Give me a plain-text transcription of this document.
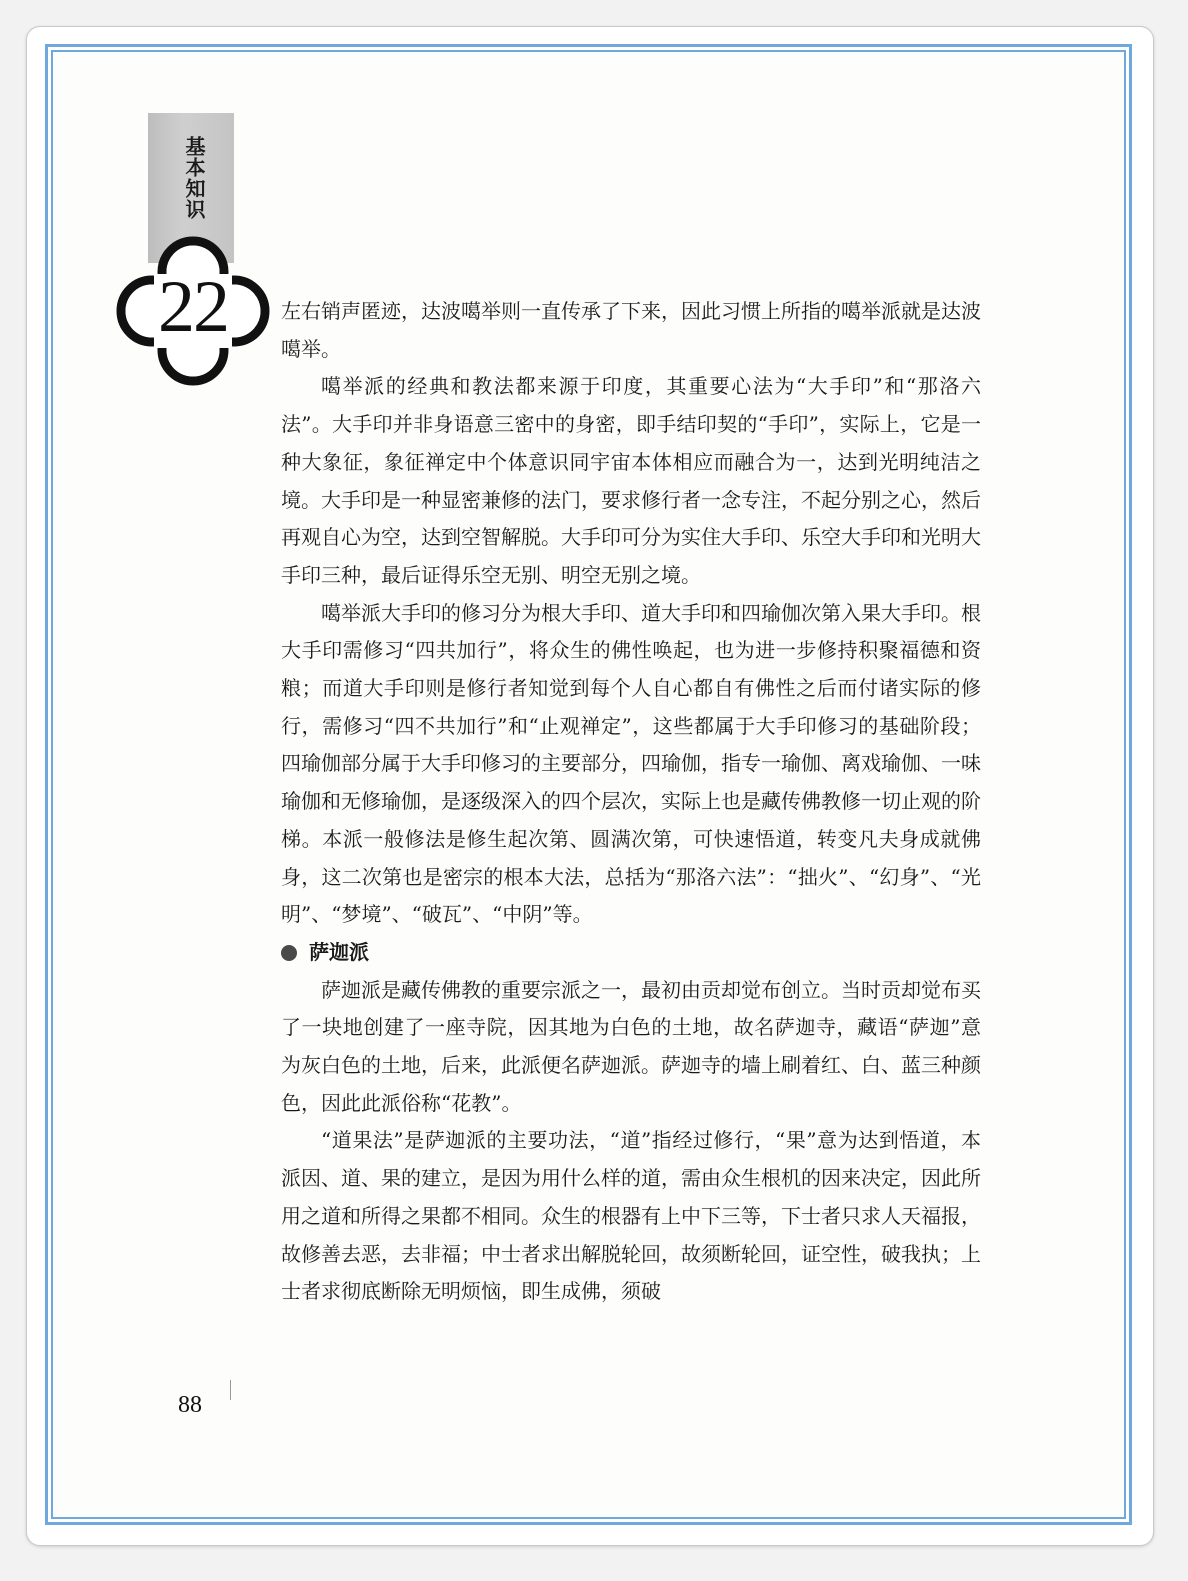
基本知识
22	左右销声匿迹，达波噶举则一直传承了下来，因此习惯上所指的噶举派就是达波噶举。

噶举派的经典和教法都来源于印度，其重要心法为“大手印”和“那洛六法”。大手印并非身语意三密中的身密，即手结印契的“手印”，实际上，它是一种大象征，象征禅定中个体意识同宇宙本体相应而融合为一，达到光明纯洁之境。大手印是一种显密兼修的法门，要求修行者一念专注，不起分别之心，然后再观自心为空，达到空智解脱。大手印可分为实住大手印、乐空大手印和光明大手印三种，最后证得乐空无别、明空无别之境。

噶举派大手印的修习分为根大手印、道大手印和四瑜伽次第入果大手印。根大手印需修习“四共加行”，将众生的佛性唤起，也为进一步修持积聚福德和资粮；而道大手印则是修行者知觉到每个人自心都自有佛性之后而付诸实际的修行，需修习“四不共加行”和“止观禅定”，这些都属于大手印修习的基础阶段；四瑜伽部分属于大手印修习的主要部分，四瑜伽，指专一瑜伽、离戏瑜伽、一味瑜伽和无修瑜伽，是逐级深入的四个层次，实际上也是藏传佛教修一切止观的阶梯。本派一般修法是修生起次第、圆满次第，可快速悟道，转变凡夫身成就佛身，这二次第也是密宗的根本大法，总括为“那洛六法”：“拙火”、“幻身”、“光明”、“梦境”、“破瓦”、“中阴”等。

萨迦派

萨迦派是藏传佛教的重要宗派之一，最初由贡却觉布创立。当时贡却觉布买了一块地创建了一座寺院，因其地为白色的土地，故名萨迦寺，藏语“萨迦”意为灰白色的土地，后来，此派便名萨迦派。萨迦寺的墙上刷着红、白、蓝三种颜色，因此此派俗称“花教”。

“道果法”是萨迦派的主要功法，“道”指经过修行，“果”意为达到悟道，本派因、道、果的建立，是因为用什么样的道，需由众生根机的因来决定，因此所用之道和所得之果都不相同。众生的根器有上中下三等，下士者只求人天福报，故修善去恶，去非福；中士者求出解脱轮回，故须断轮回，证空性，破我执；上士者求彻底断除无明烦恼，即生成佛，须破

88
